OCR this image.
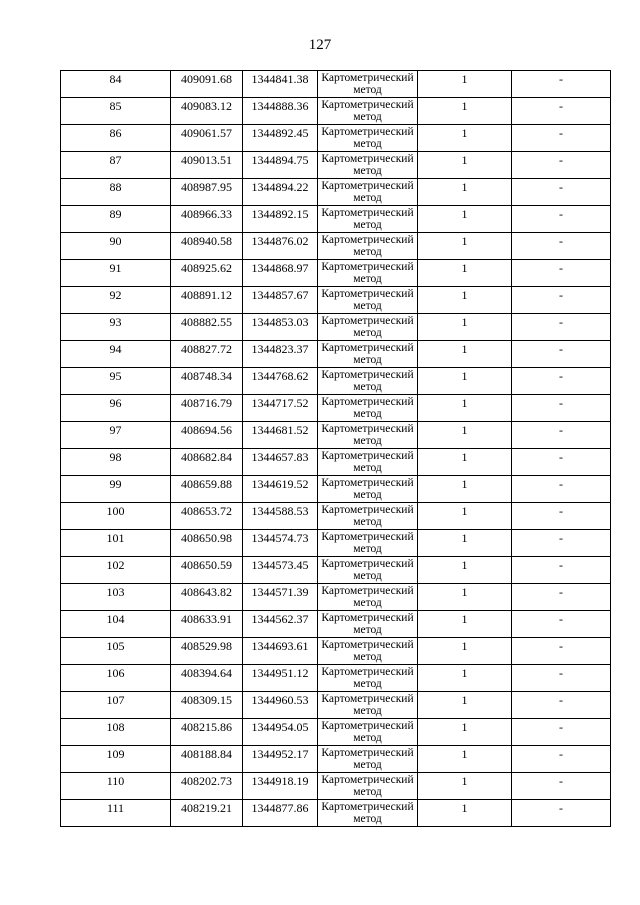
127
84	409091.68	1344841.38	Картометрический метод	1	-

85	409083.12	1344888.36	Картометрический метод	1	-

86	409061.57	1344892.45	Картометрический метод	1	-

87	409013.51	1344894.75	Картометрический метод	1	-

88	408987.95	1344894.22	Картометрический метод	1	-

89	408966.33	1344892.15	Картометрический метод	1	-

90	408940.58	1344876.02	Картометрический метод	1	-

91	408925.62	1344868.97	Картометрический метод	1	-

92	408891.12	1344857.67	Картометрический метод	1	-

93	408882.55	1344853.03	Картометрический метод	1	-

94	408827.72	1344823.37	Картометрический метод	1	-

95	408748.34	1344768.62	Картометрический метод	1	-

96	408716.79	1344717.52	Картометрический метод	1	-

97	408694.56	1344681.52	Картометрический метод	1	-

98	408682.84	1344657.83	Картометрический метод	1	-

99	408659.88	1344619.52	Картометрический метод	1	-

100	408653.72	1344588.53	Картометрический метод	1	-

101	408650.98	1344574.73	Картометрический метод	1	-

102	408650.59	1344573.45	Картометрический метод	1	-

103	408643.82	1344571.39	Картометрический метод	1	-

104	408633.91	1344562.37	Картометрический метод	1	-

105	408529.98	1344693.61	Картометрический метод	1	-

106	408394.64	1344951.12	Картометрический метод	1	-

107	408309.15	1344960.53	Картометрический метод	1	-

108	408215.86	1344954.05	Картометрический метод	1	-

109	408188.84	1344952.17	Картометрический метод	1	-

110	408202.73	1344918.19	Картометрический метод	1	-

111	408219.21	1344877.86	Картометрический метод	1	-
